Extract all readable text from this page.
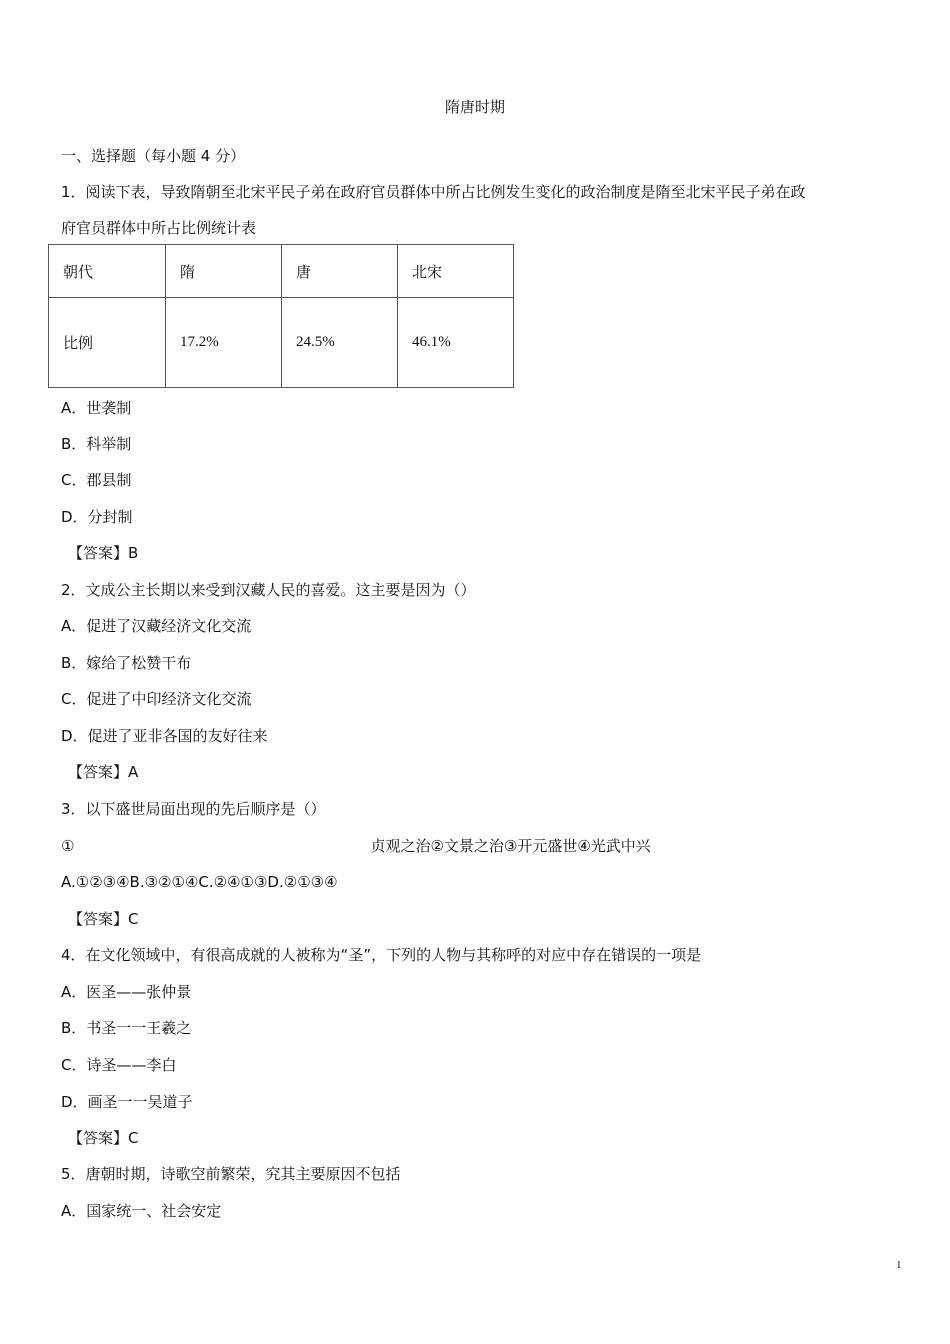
隋唐时期
一、选择题（每小题 4 分）
1．阅读下表，导致隋朝至北宋平民子弟在政府官员群体中所占比例发生变化的政治制度是隋至北宋平民子弟在政
府官员群体中所占比例统计表
朝代	隋	唐	北宋
比例	17.2%	24.5%	46.1%
A．世袭制
B．科举制
C．郡县制
D．分封制
【答案】B
2．文成公主长期以来受到汉藏人民的喜爱。这主要是因为（）
A．促进了汉藏经济文化交流
B．嫁给了松赞干布
C．促进了中印经济文化交流
D．促进了亚非各国的友好往来
【答案】A
3．以下盛世局面出现的先后顺序是（）
①	贞观之治②文景之治③开元盛世④光武中兴
A.①②③④B.③②①④C.②④①③D.②①③④
【答案】C
4．在文化领域中，有很高成就的人被称为“圣”，下列的人物与其称呼的对应中存在错误的一项是
A．医圣——张仲景
B．书圣一一王羲之
C．诗圣——李白
D．画圣一一吴道子
【答案】C
5．唐朝时期，诗歌空前繁荣，究其主要原因不包括
A．国家统一、社会安定
1
